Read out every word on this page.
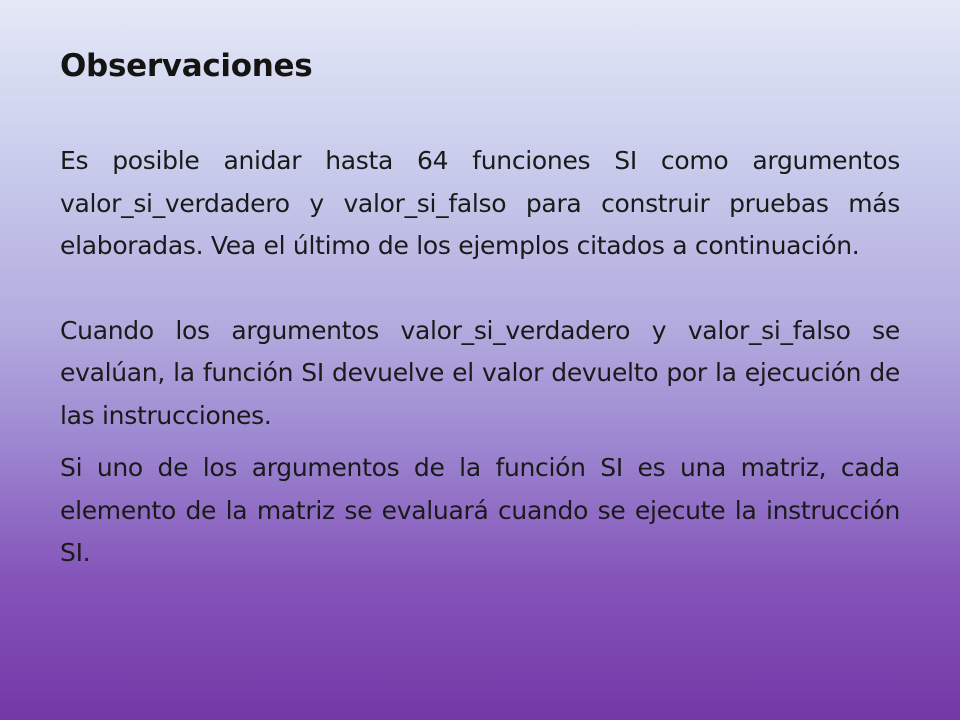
Observaciones

Es posible anidar hasta 64 funciones SI como argumentos valor_si_verdadero y valor_si_falso para construir pruebas más elaboradas. Vea el último de los ejemplos citados a continuación.

Cuando los argumentos valor_si_verdadero y valor_si_falso se evalúan, la función SI devuelve el valor devuelto por la ejecución de las instrucciones.

Si uno de los argumentos de la función SI es una matriz, cada elemento de la matriz se evaluará cuando se ejecute la instrucción SI.
